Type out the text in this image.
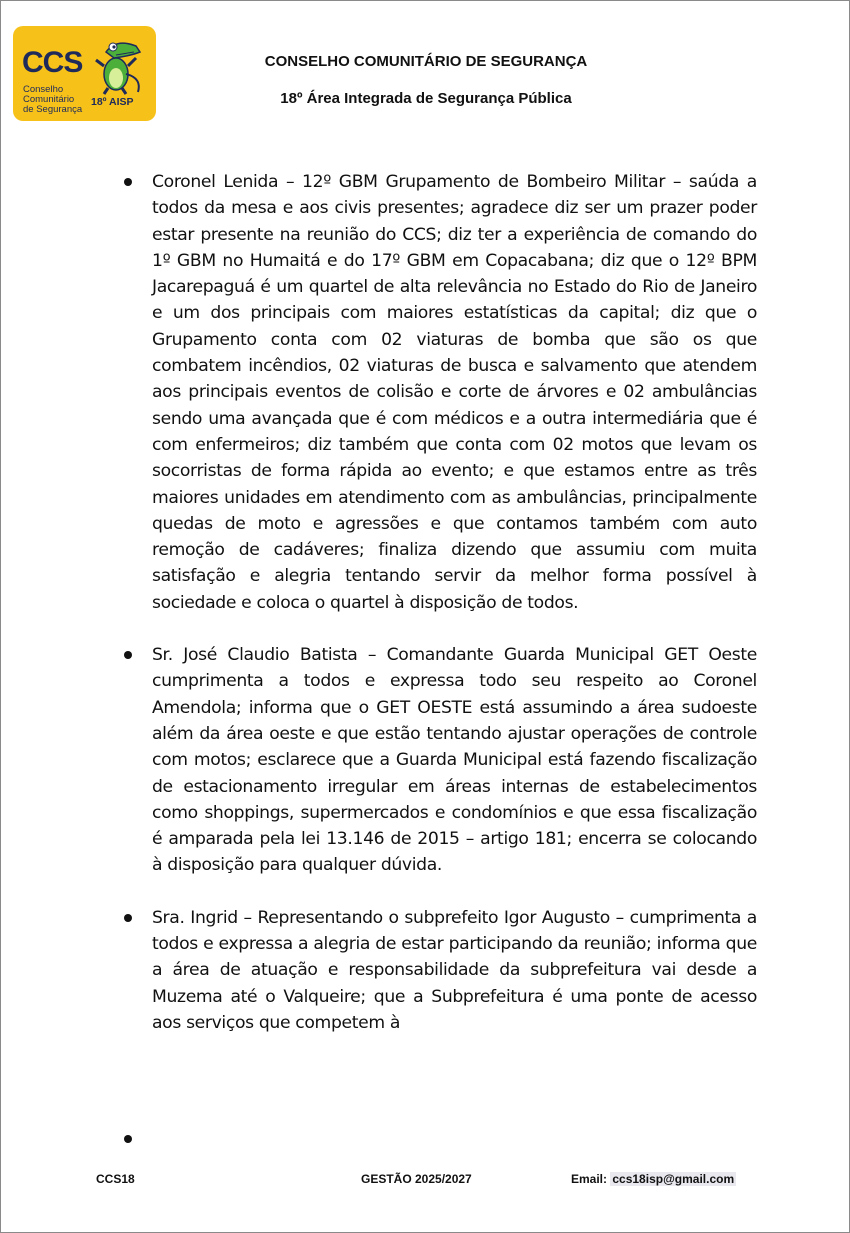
CCS
Conselho
Comunitário
de Segurança
18º AISP
CONSELHO COMUNITÁRIO DE SEGURANÇA
18º Área Integrada de Segurança Pública
Coronel Lenida – 12º GBM Grupamento de Bombeiro Militar – saúda a todos da mesa e aos civis presentes; agradece diz ser um prazer poder estar presente na reunião do CCS; diz ter a experiência de comando do 1º GBM no Humaitá e do 17º GBM em Copacabana; diz que o 12º BPM Jacarepaguá é um quartel de alta relevância no Estado do Rio de Janeiro e um dos principais com maiores estatísticas da capital; diz que o Grupamento conta com 02 viaturas de bomba que são os que combatem incêndios, 02 viaturas de busca e salvamento que atendem aos principais eventos de colisão e corte de árvores e 02 ambulâncias sendo uma avançada que é com médicos e a outra intermediária que é com enfermeiros; diz também que conta com 02 motos que levam os socorristas de forma rápida ao evento; e que estamos entre as três maiores unidades em atendimento com as ambulâncias, principalmente quedas de moto e agressões e que contamos também com auto remoção de cadáveres; finaliza dizendo que assumiu com muita satisfação e alegria tentando servir da melhor forma possível à sociedade e coloca o quartel à disposição de todos.
Sr. José Claudio Batista – Comandante Guarda Municipal GET Oeste cumprimenta a todos e expressa todo seu respeito ao Coronel Amendola; informa que o GET OESTE está assumindo a área sudoeste além da área oeste e que estão tentando ajustar operações de controle com motos; esclarece que a Guarda Municipal está fazendo fiscalização de estacionamento irregular em áreas internas de estabelecimentos como shoppings, supermercados e condomínios e que essa fiscalização é amparada pela lei 13.146 de 2015 – artigo 181; encerra se colocando à disposição para qualquer dúvida.
Sra. Ingrid – Representando o subprefeito Igor Augusto – cumprimenta a todos e expressa a alegria de estar participando da reunião; informa que a área de atuação e responsabilidade da subprefeitura vai desde a Muzema até o Valqueire; que a Subprefeitura é uma ponte de acesso aos serviços que competem à
CCS18	GESTÃO 2025/2027	Email: ccs18isp@gmail.com
